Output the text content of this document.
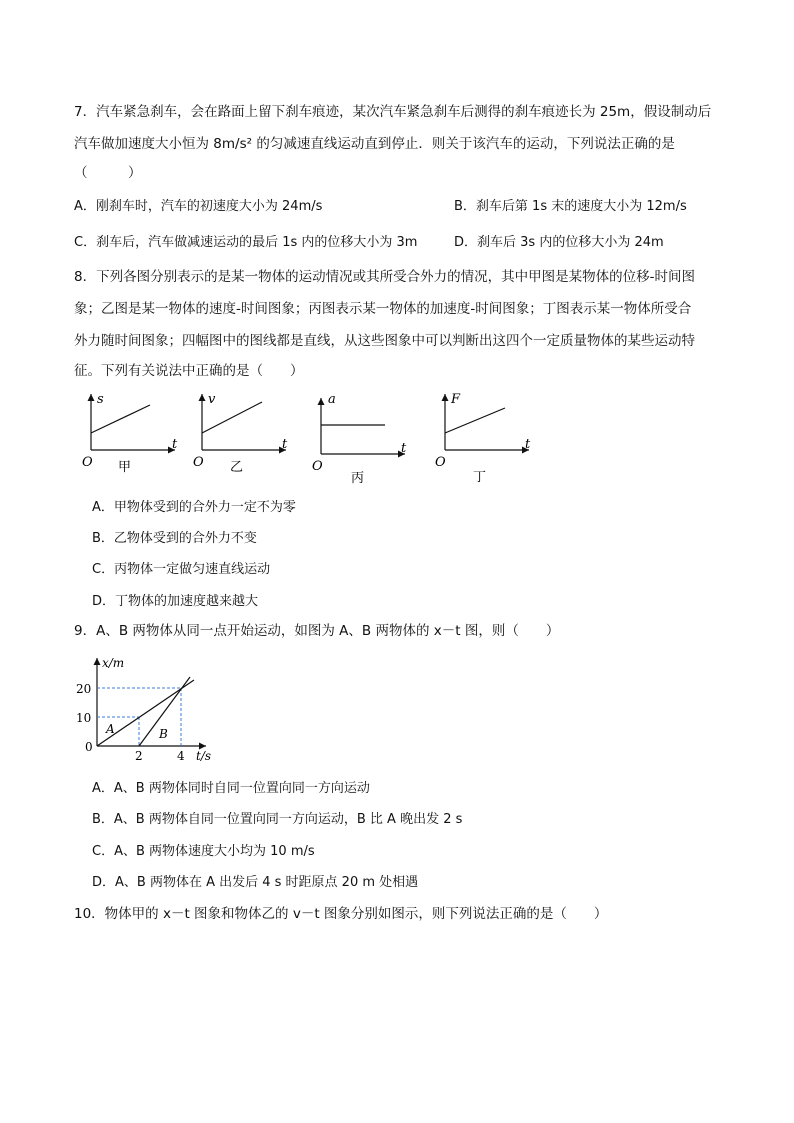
7．汽车紧急刹车，会在路面上留下刹车痕迹，某次汽车紧急刹车后测得的刹车痕迹长为 25m，假设制动后
汽车做加速度大小恒为 8m/s² 的匀减速直线运动直到停止．则关于该汽车的运动，下列说法正确的是
（　　　）
A．刚刹车时，汽车的初速度大小为 24m/s	B．刹车后第 1s 末的速度大小为 12m/s
C．刹车后，汽车做减速运动的最后 1s 内的位移大小为 3m	D．刹车后 3s 内的位移大小为 24m
8．下列各图分别表示的是某一物体的运动情况或其所受合外力的情况，其中甲图是某物体的位移-时间图
象；乙图是某一物体的速度-时间图象；丙图表示某一物体的加速度-时间图象；丁图表示某一物体所受合
外力随时间图象；四幅图中的图线都是直线，从这些图象中可以判断出这四个一定质量物体的某些运动特
征。下列有关说法中正确的是（　　）
s
t
O 甲
v
t
O 乙
a
t
O
丙
F
t
O
丁
A．甲物体受到的合外力一定不为零
B．乙物体受到的合外力不变
C．丙物体一定做匀速直线运动
D．丁物体的加速度越来越大
9．A、B 两物体从同一点开始运动，如图为 A、B 两物体的 x－t 图，则（　　）
x/m
t/s
0
10
20
2	4
A	B
A．A、B 两物体同时自同一位置向同一方向运动
B．A、B 两物体自同一位置向同一方向运动，B 比 A 晚出发 2 s
C．A、B 两物体速度大小均为 10 m/s
D．A、B 两物体在 A 出发后 4 s 时距原点 20 m 处相遇
10．物体甲的 x－t 图象和物体乙的 v－t 图象分别如图示，则下列说法正确的是（　　）
